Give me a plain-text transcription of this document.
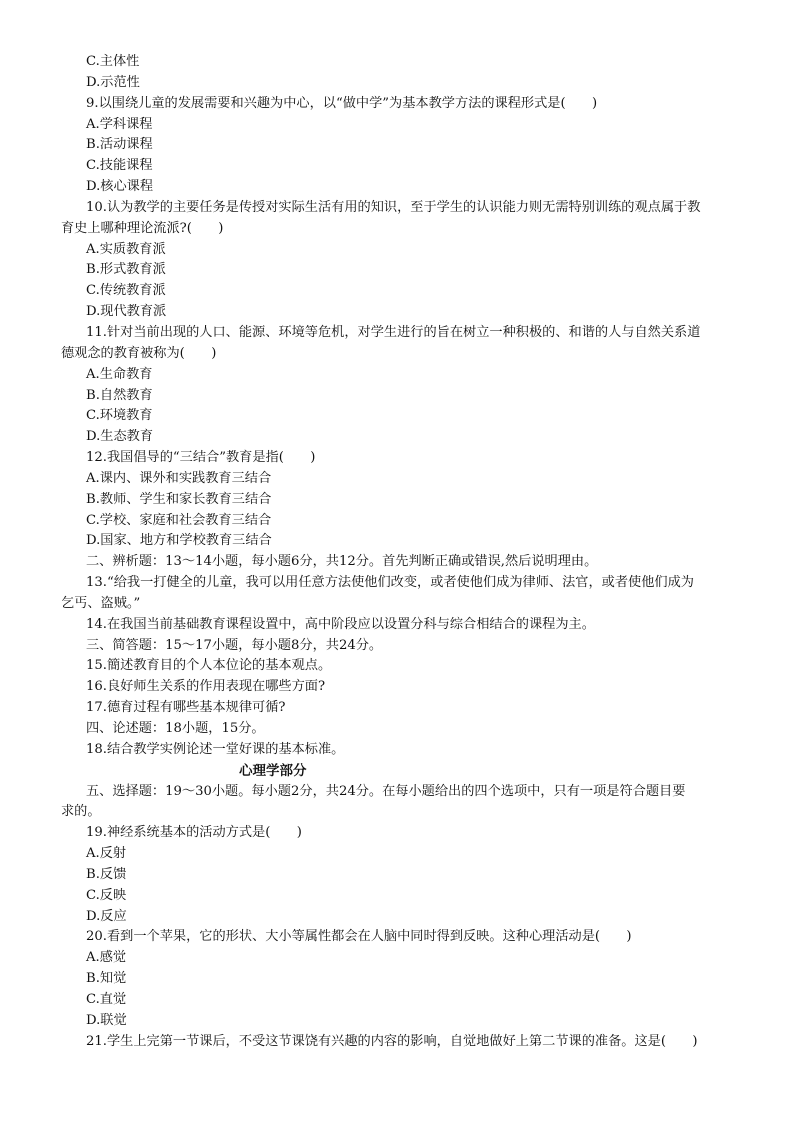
C.主体性
D.示范性
9.以围绕儿童的发展需要和兴趣为中心，以“做中学”为基本教学方法的课程形式是(　　)
A.学科课程
B.活动课程
C.技能课程
D.核心课程
10.认为教学的主要任务是传授对实际生活有用的知识，至于学生的认识能力则无需特别训练的观点属于教
育史上哪种理论流派?(　　)
A.实质教育派
B.形式教育派
C.传统教育派
D.现代教育派
11.针对当前出现的人口、能源、环境等危机，对学生进行的旨在树立一种积极的、和谐的人与自然关系道
德观念的教育被称为(　　)
A.生命教育
B.自然教育
C.环境教育
D.生态教育
12.我国倡导的“三结合”教育是指(　　)
A.课内、课外和实践教育三结合
B.教师、学生和家长教育三结合
C.学校、家庭和社会教育三结合
D.国家、地方和学校教育三结合
二、辨析题：13～14小题，每小题6分，共12分。首先判断正确或错误,然后说明理由。
13.“给我一打健全的儿童，我可以用任意方法使他们改变，或者使他们成为律师、法官，或者使他们成为
乞丐、盗贼。”
14.在我国当前基础教育课程设置中，高中阶段应以设置分科与综合相结合的课程为主。
三、简答题：15～17小题，每小题8分，共24分。
15.簡述教育目的个人本位论的基本观点。
16.良好师生关系的作用表现在哪些方面?
17.德育过程有哪些基本规律可循?
四、论述题：18小题，15分。
18.结合教学实例论述一堂好课的基本标准。
心理学部分
五、选择题：19～30小题。每小题2分，共24分。在每小题给出的四个选项中，只有一项是符合题目要
求的。
19.神经系统基本的活动方式是(　　)
A.反射
B.反馈
C.反映
D.反应
20.看到一个苹果，它的形状、大小等属性都会在人脑中同时得到反映。这种心理活动是(　　)
A.感觉
B.知觉
C.直觉
D.联觉
21.学生上完第一节课后，不受这节课饶有兴趣的内容的影响，自觉地做好上第二节课的准备。这是(　　)
